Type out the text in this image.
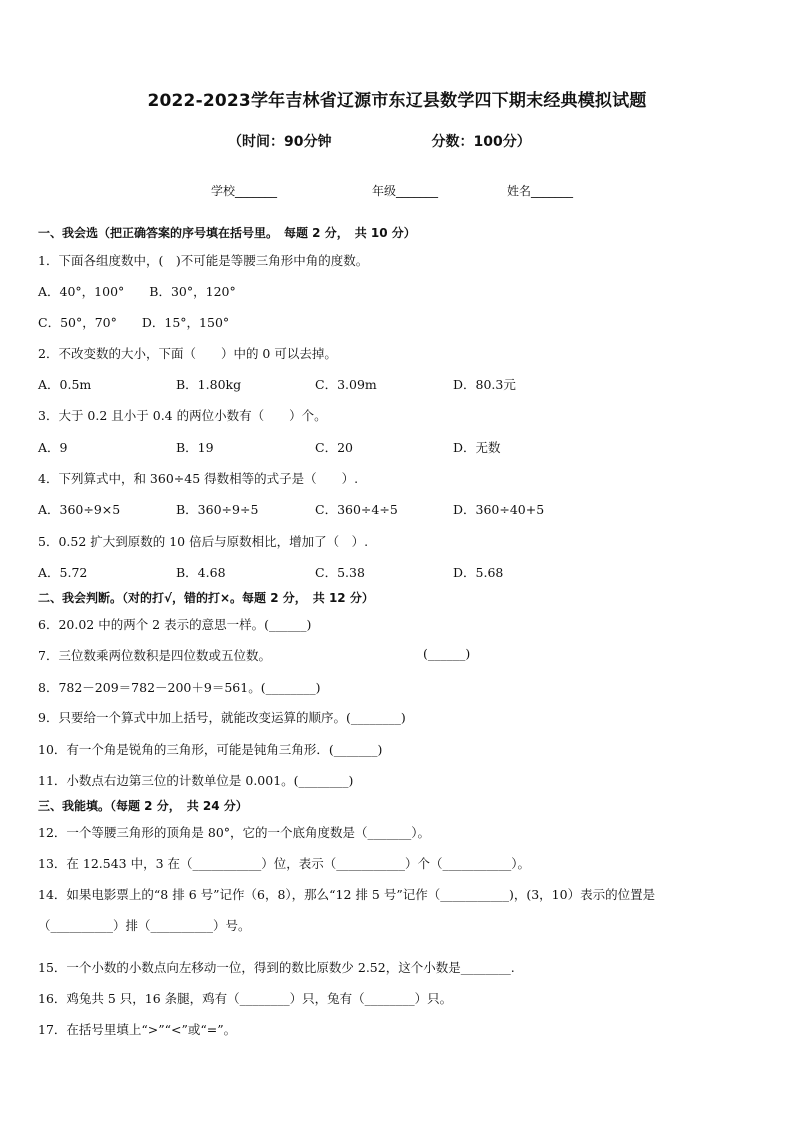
2022-2023学年吉林省辽源市东辽县数学四下期末经典模拟试题
（时间：90分钟	分数：100分）
学校_______	年级_______	姓名_______
一、我会选（把正确答案的序号填在括号里。　每题 2 分，　共 10 分）
1．下面各组度数中，(　)不可能是等腰三角形中角的度数。
A．40°，100°　　B．30°，120°
C．50°，70°　　D．15°，150°
2．不改变数的大小，下面（　　）中的 0 可以去掉。
A．0.5m	B．1.80kg	C．3.09m	D．80.3元
3．大于 0.2 且小于 0.4 的两位小数有（　　）个。
A．9	B．19	C．20	D．无数
4．下列算式中，和 360÷45 得数相等的式子是（　　）.
A．360÷9×5	B．360÷9÷5	C．360÷4÷5	D．360÷40+5
5．0.52 扩大到原数的 10 倍后与原数相比，增加了（　）.
A．5.72	B．4.68	C．5.38	D．5.68
二、我会判断。（对的打√，错的打×。每题 2 分，　共 12 分）
6．20.02 中的两个 2 表示的意思一样。(______)
7．三位数乘两位数积是四位数或五位数。	(______)
8．782－209＝782－200＋9＝561。(________)
9．只要给一个算式中加上括号，就能改变运算的顺序。(________)
10．有一个角是锐角的三角形，可能是钝角三角形．(_______)
11．小数点右边第三位的计数单位是 0.001。(________)
三、我能填。（每题 2 分，　共 24 分）
12．一个等腰三角形的顶角是 80°，它的一个底角度数是（_______）。
13．在 12.543 中，3 在（___________）位，表示（___________）个（___________）。
14．如果电影票上的“8 排 6 号”记作（6，8），那么“12 排 5 号”记作（___________)，(3，10）表示的位置是
（__________）排（__________）号。
15．一个小数的小数点向左移动一位，得到的数比原数少 2.52，这个小数是________.
16．鸡兔共 5 只，16 条腿，鸡有（________）只，兔有（________）只。
17．在括号里填上“>”“<”或“=”。
